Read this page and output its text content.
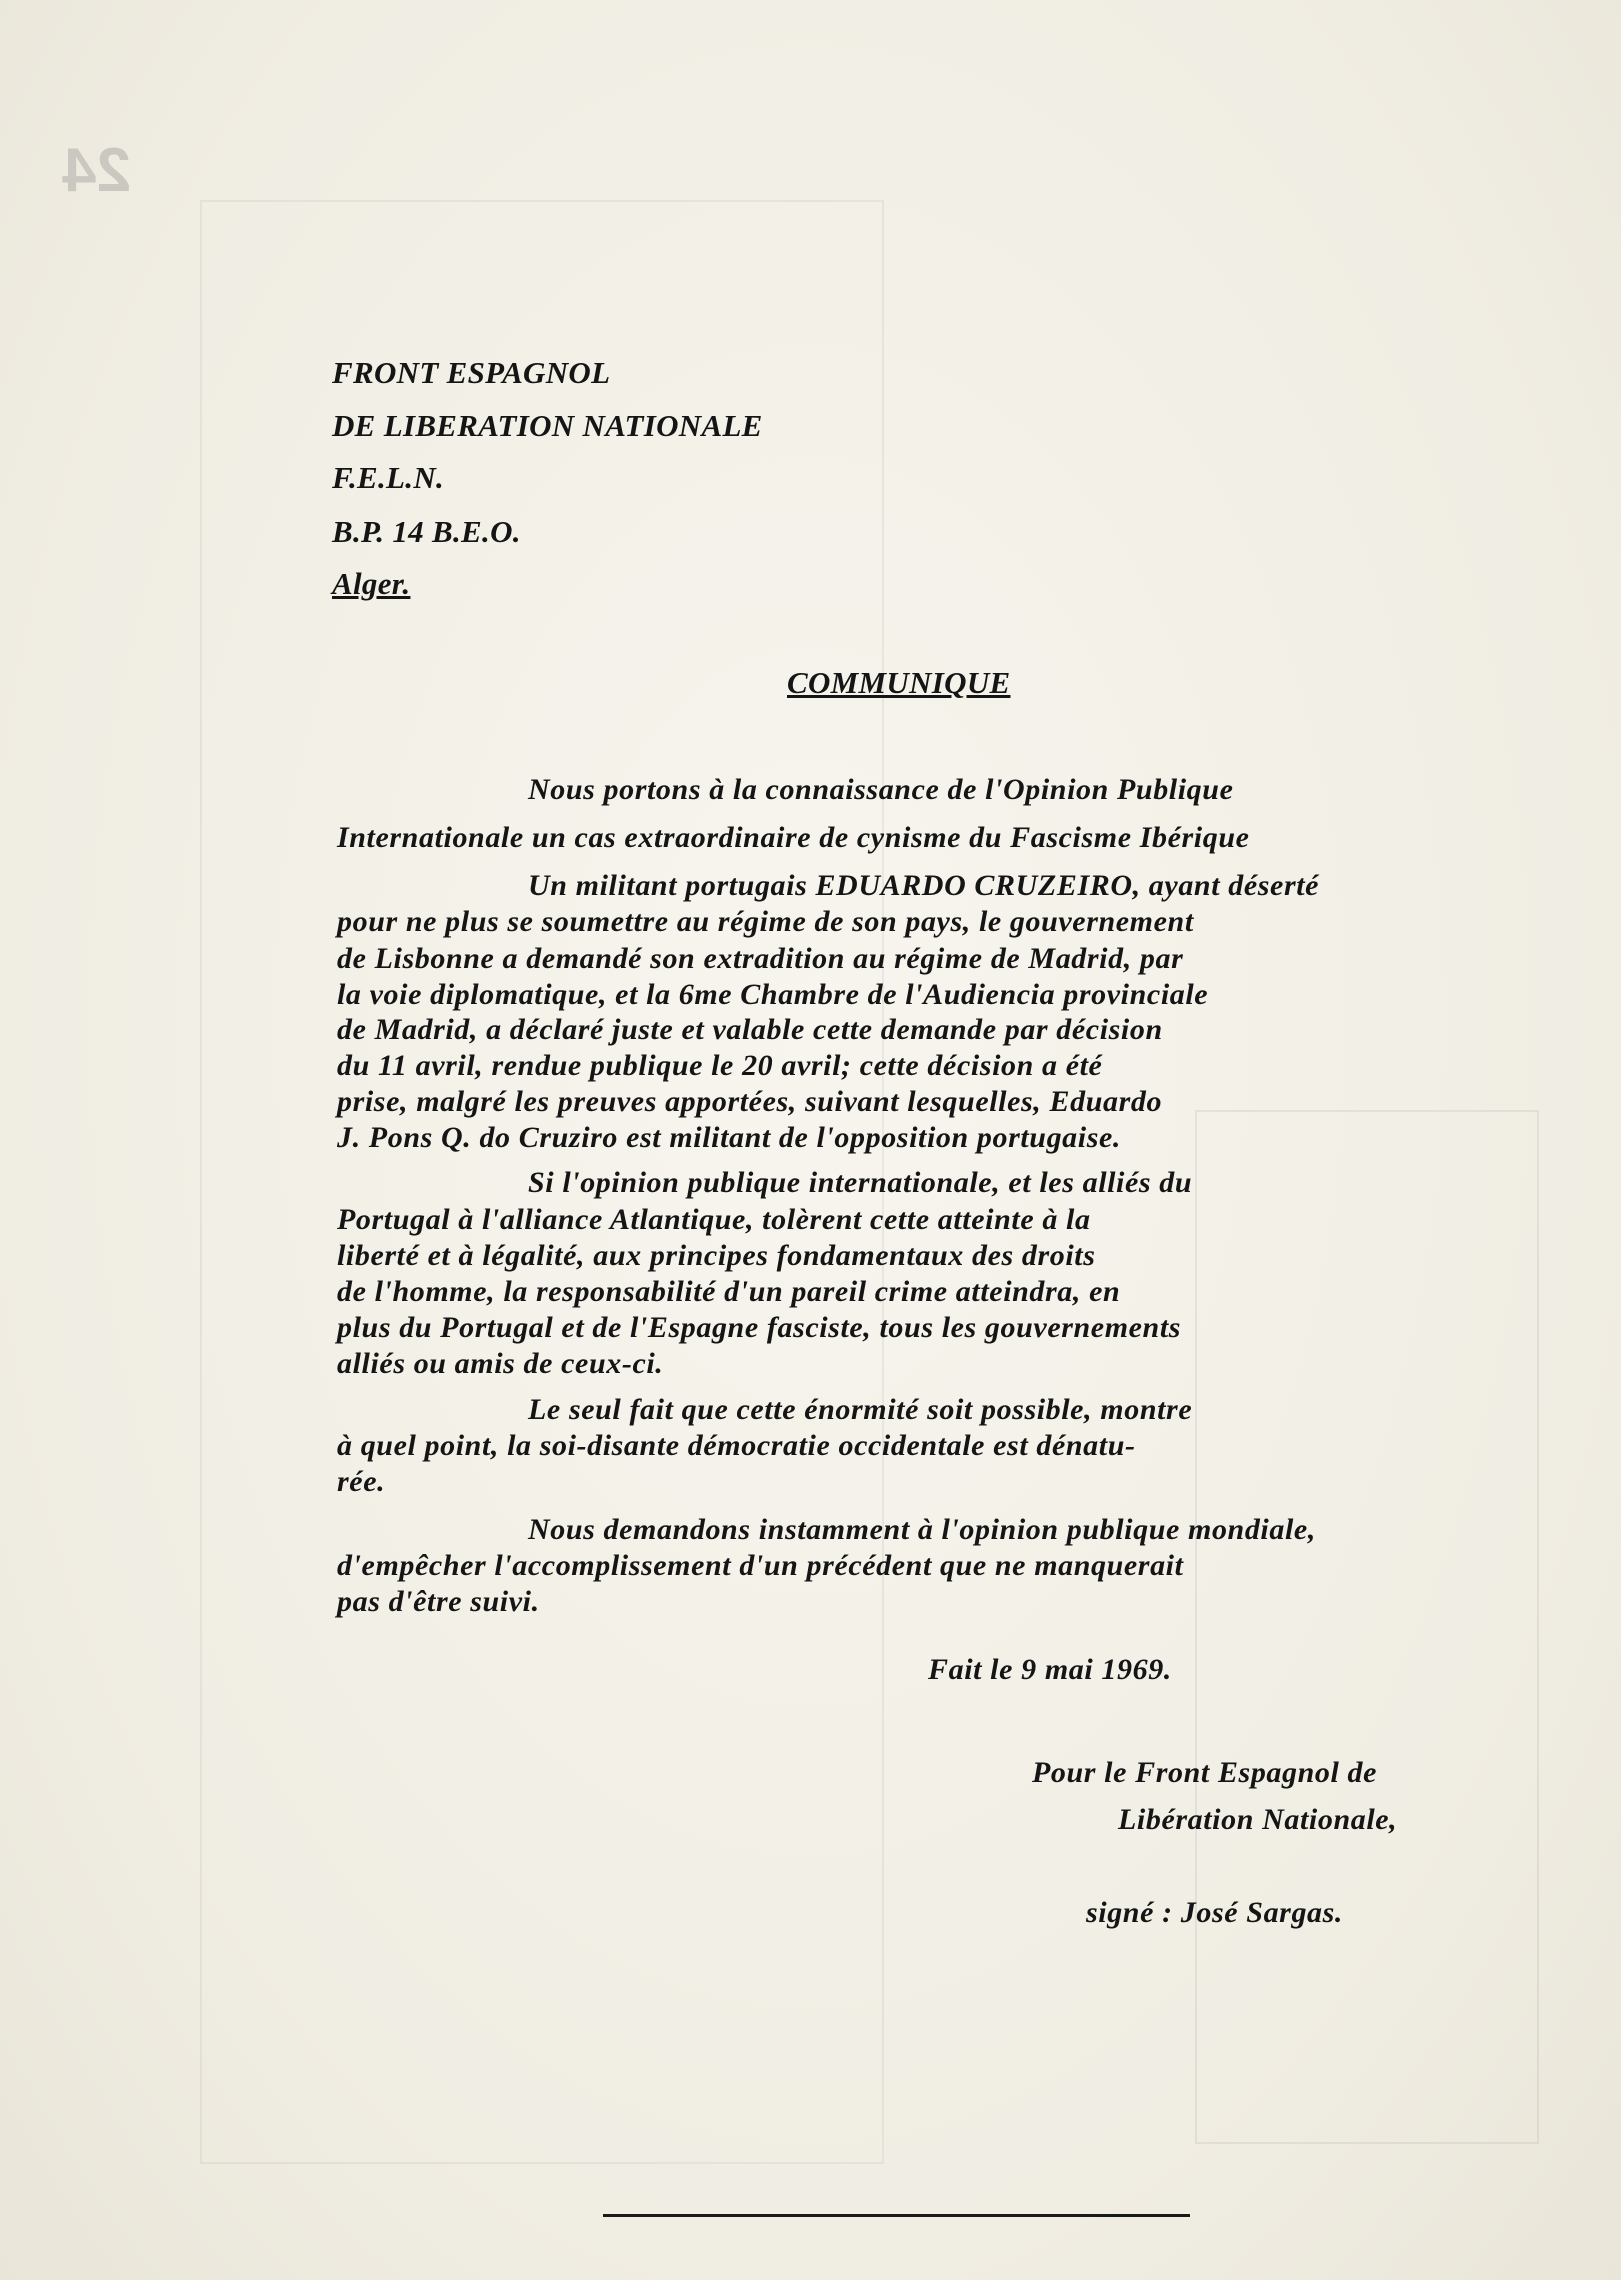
24
FRONT ESPAGNOL
DE LIBERATION NATIONALE
F.E.L.N.
B.P. 14 B.E.O.
Alger.
COMMUNIQUE
Nous portons à la connaissance de l'Opinion Publique
Internationale un cas extraordinaire de cynisme du Fascisme Ibérique
Un militant portugais EDUARDO CRUZEIRO, ayant déserté
pour ne plus se soumettre au régime de son pays, le gouvernement
de Lisbonne a demandé son extradition au régime de Madrid, par
la voie diplomatique, et la 6me Chambre de l'Audiencia provinciale
de Madrid, a déclaré juste et valable cette demande par décision
du 11 avril, rendue publique le 20 avril; cette décision a été
prise, malgré les preuves apportées, suivant lesquelles, Eduardo
J. Pons Q. do Cruziro est militant de l'opposition portugaise.
Si l'opinion publique internationale, et les alliés du
Portugal à l'alliance Atlantique, tolèrent cette atteinte à la
liberté et à légalité, aux principes fondamentaux des droits
de l'homme, la responsabilité d'un pareil crime atteindra, en
plus du Portugal et de l'Espagne fasciste, tous les gouvernements
alliés ou amis de ceux-ci.
Le seul fait que cette énormité soit possible, montre
à quel point, la soi-disante démocratie occidentale est dénatu-
rée.
Nous demandons instamment à l'opinion publique mondiale,
d'empêcher l'accomplissement d'un précédent que ne manquerait
pas d'être suivi.
Fait le 9 mai 1969.
Pour le Front Espagnol de
Libération Nationale,
signé : José Sargas.
